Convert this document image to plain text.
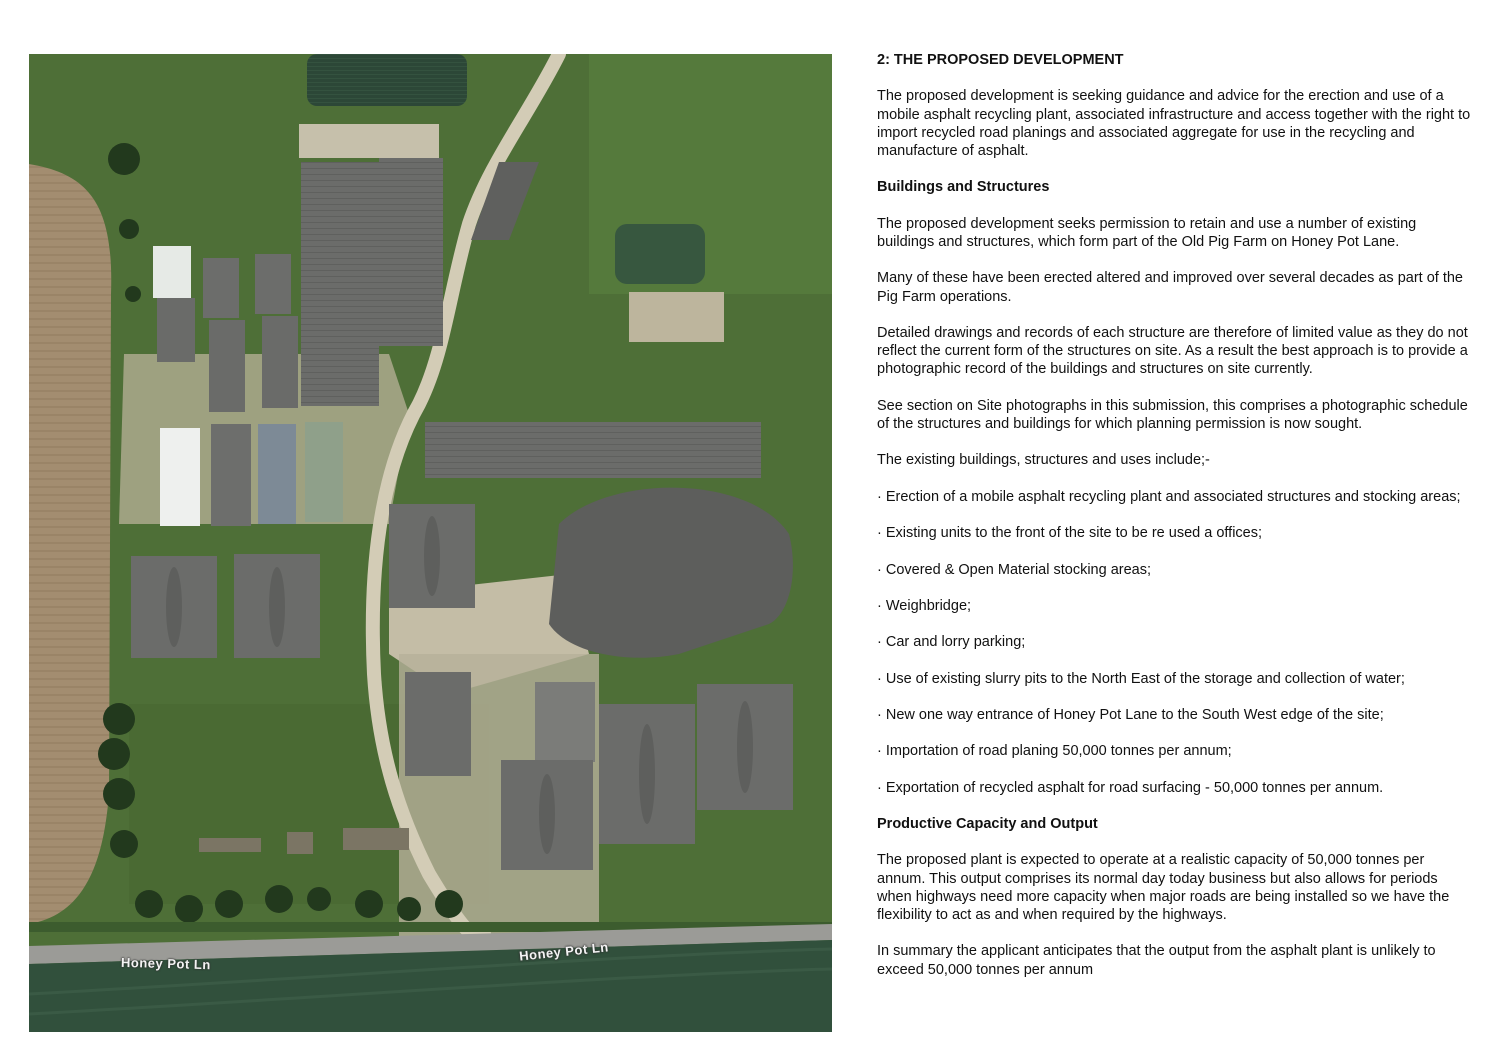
Honey Pot Ln	Honey Pot Ln
2: THE PROPOSED DEVELOPMENT

The proposed development is seeking guidance and advice for the erection and use of a mobile asphalt recycling plant, associated infrastructure and access together with the right to import recycled road planings and associated aggregate for use in the recycling and manufacture of asphalt.

Buildings and Structures

The proposed development seeks permission to retain and use a number of existing buildings and structures, which form part of the Old Pig Farm on Honey Pot Lane.

Many of these have been erected altered and improved over several decades as part of the Pig Farm operations.

Detailed drawings and records of each structure are therefore of limited value as they do not reflect the current form of the structures on site. As a result the best approach is to provide a photographic record of the buildings and structures on site currently.

See section on Site photographs in this submission, this comprises a photographic schedule of the structures and buildings for which planning permission is now sought.

The existing buildings, structures and uses include;-

· Erection of a mobile asphalt recycling plant and associated structures and stocking areas;
· Existing units to the front of the site to be re used a offices;
· Covered & Open Material stocking areas;
· Weighbridge;
· Car and lorry parking;
· Use of existing slurry pits to the North East of the storage and collection of water;
· New one way entrance of Honey Pot Lane to the South West edge of the site;
· Importation of road planing 50,000 tonnes per annum;
· Exportation of recycled asphalt for road surfacing - 50,000 tonnes per annum.
Productive Capacity and Output

The proposed plant is expected to operate at a realistic capacity of 50,000 tonnes per annum. This output comprises its normal day today business but also allows for periods when highways need more capacity when major roads are being installed so we have the flexibility to act as and when required by the highways.

In summary the applicant anticipates that the output from the asphalt plant is unlikely to exceed 50,000 tonnes per annum
